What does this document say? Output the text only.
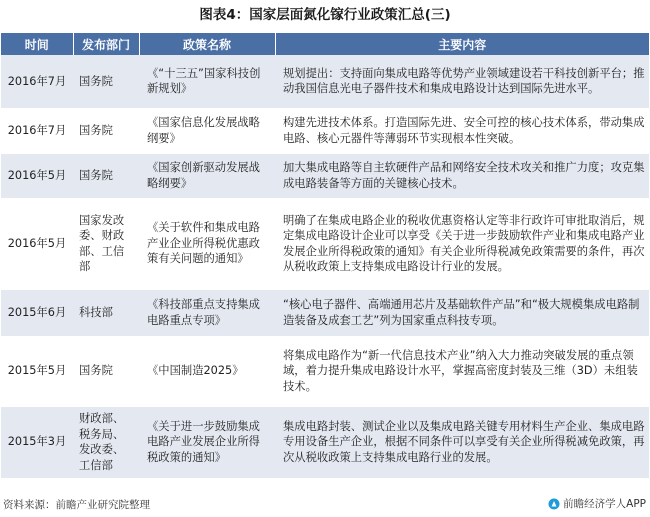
图表4：国家层面氮化镓行业政策汇总(三)
时间	发布部门	政策名称	主要内容
2016年7月	国务院	《“十三五”国家科技创新规划》	规划提出：支持面向集成电路等优势产业领域建设若干科技创新平台；推动我国信息光电子器件技术和集成电路设计达到国际先进水平。
2016年7月	国务院	《国家信息化发展战略纲要》	构建先进技术体系。打造国际先进、安全可控的核心技术体系，带动集成电路、核心元器件等薄弱环节实现根本性突破。
2016年5月	国务院	《国家创新驱动发展战略纲要》	加大集成电路等自主软硬件产品和网络安全技术攻关和推广力度；攻克集成电路装备等方面的关键核心技术。
2016年5月	国家发改委、财政部、工信部	《关于软件和集成电路产业企业所得税优惠政策有关问题的通知》	明确了在集成电路企业的税收优惠资格认定等非行政许可审批取消后，规定集成电路设计企业可以享受《关于进一步鼓励软件产业和集成电路产业发展企业所得税政策的通知》有关企业所得税减免政策需要的条件，再次从税收政策上支持集成电路设计行业的发展。
2015年6月	科技部	《科技部重点支持集成电路重点专项》	“核心电子器件、高端通用芯片及基础软件产品”和“极大规模集成电路制造装备及成套工艺”列为国家重点科技专项。
2015年5月	国务院	《中国制造2025》	将集成电路作为“新一代信息技术产业”纳入大力推动突破发展的重点领域，着力提升集成电路设计水平，掌握高密度封装及三维（3D）未组装技术。
2015年3月	财政部、税务局、发改委、工信部	《关于进一步鼓励集成电路产业发展企业所得税政策的通知》	集成电路封装、测试企业以及集成电路关键专用材料生产企业、集成电路专用设备生产企业，根据不同条件可以享受有关企业所得税减免政策，再次从税收政策上支持集成电路行业的发展。
资料来源：前瞻产业研究院整理	前瞻经济学人APP
